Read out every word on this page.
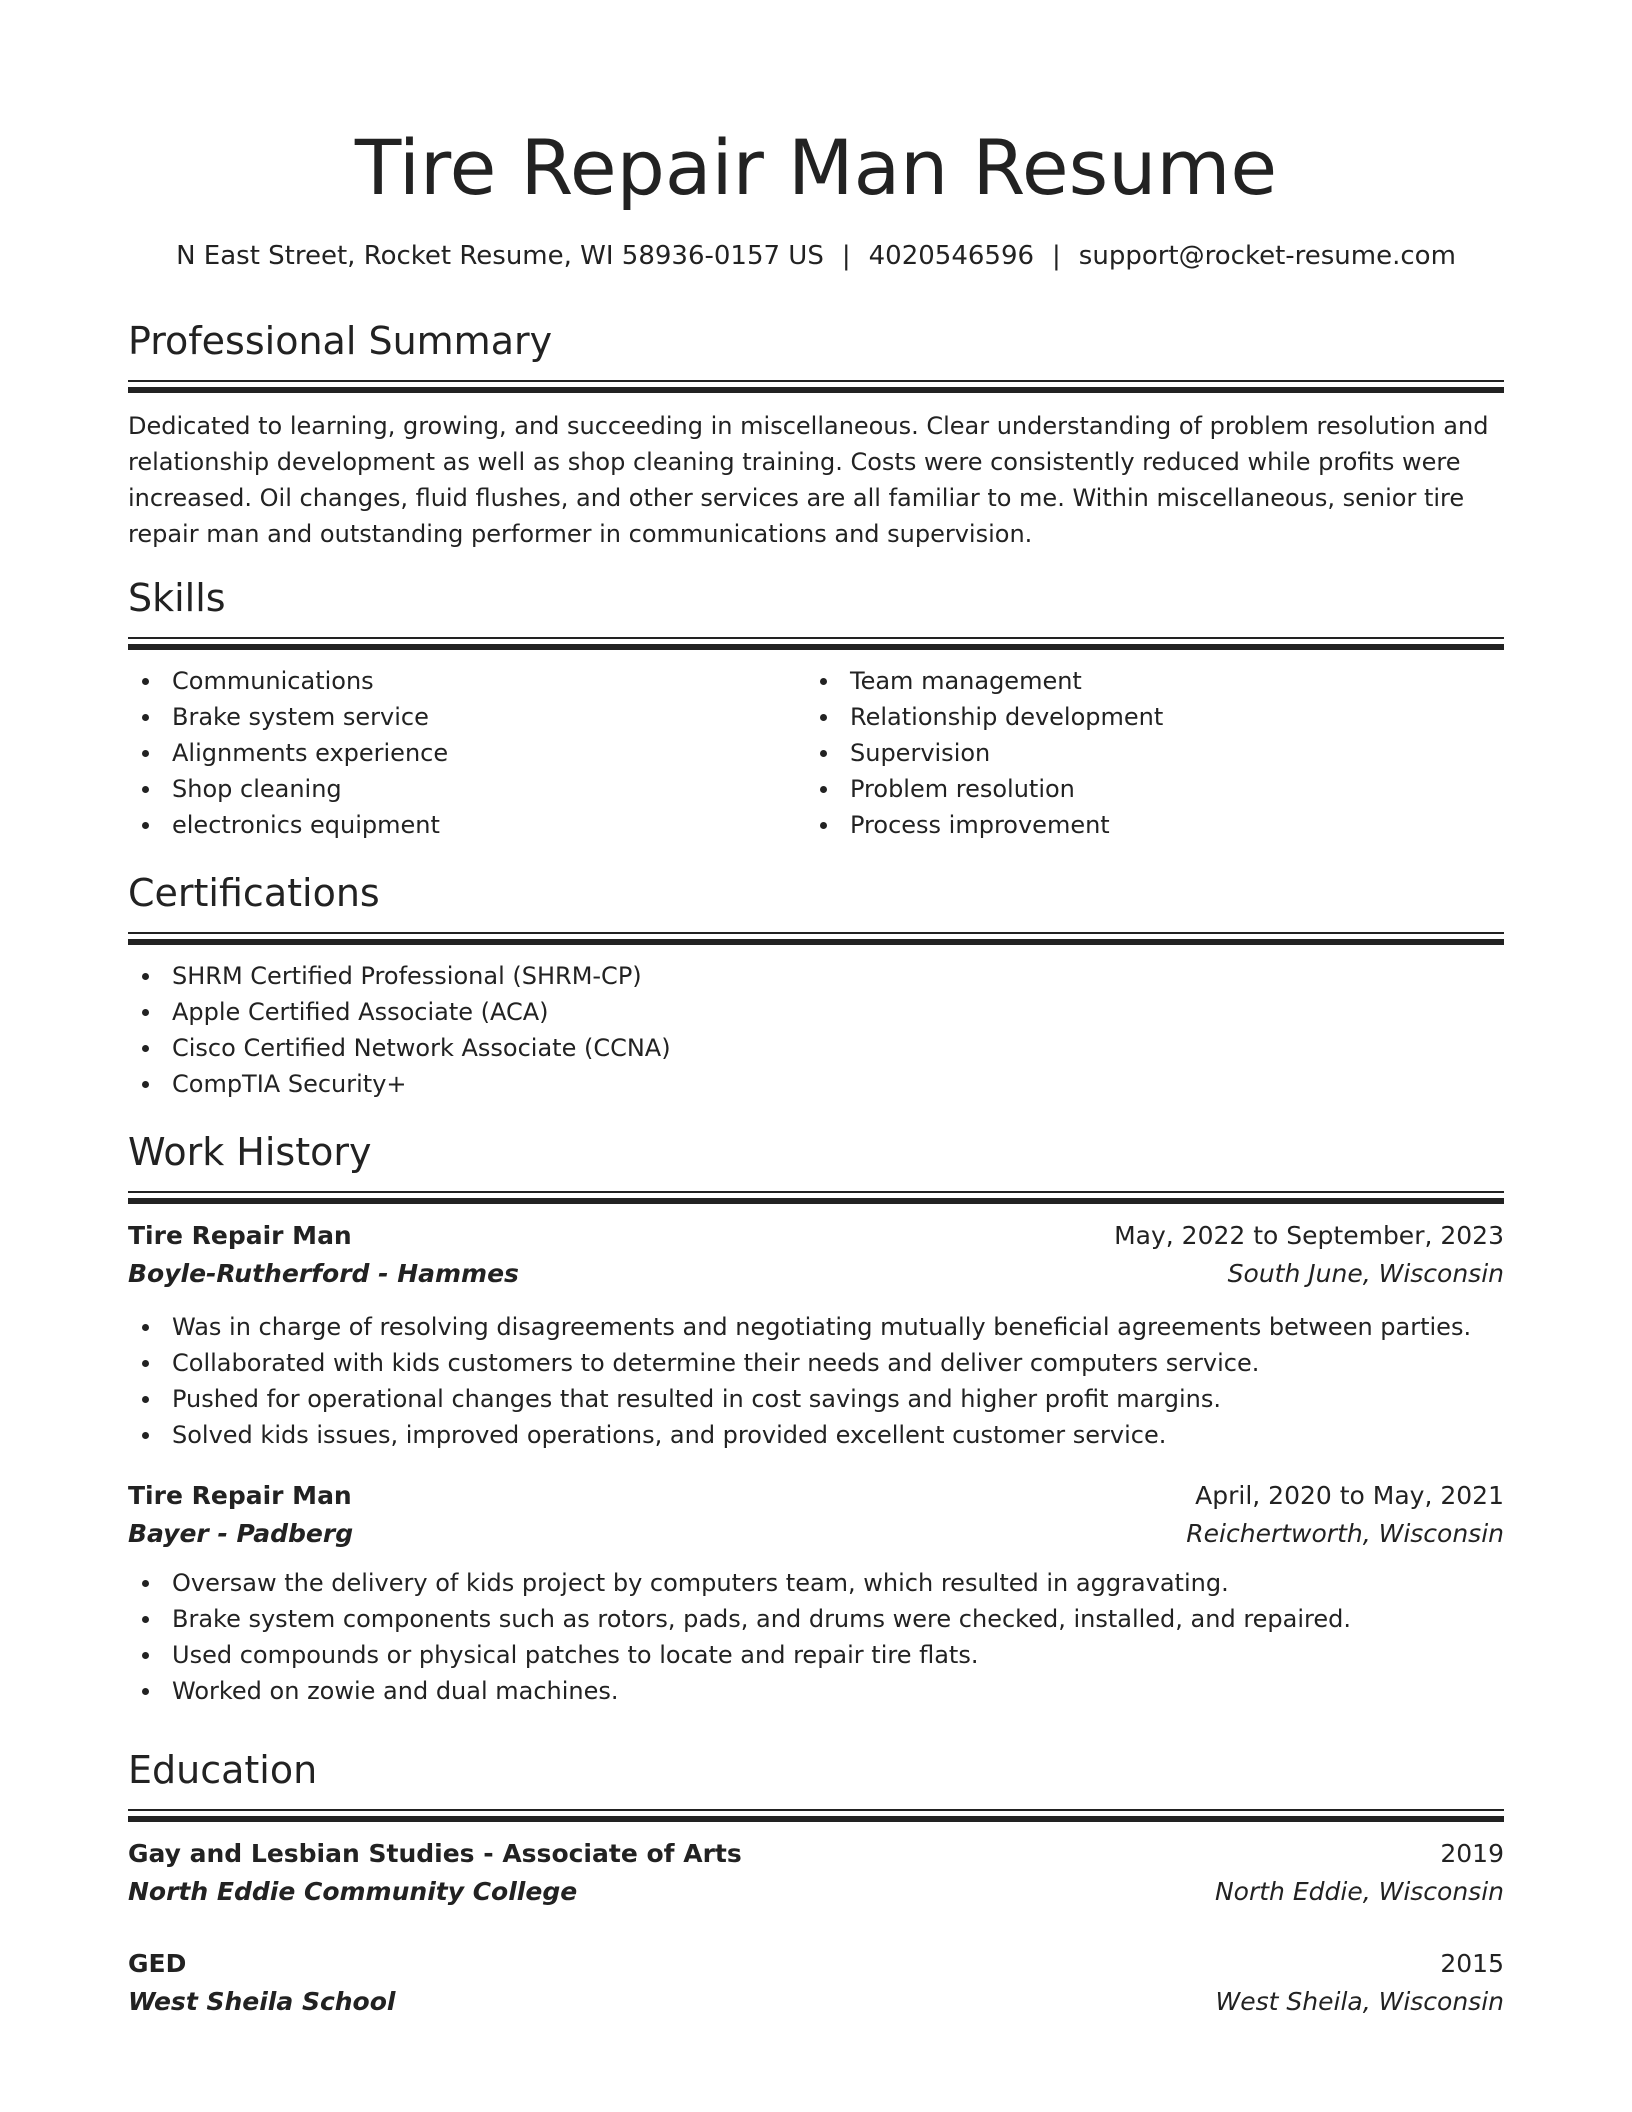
Tire Repair Man Resume
N East Street, Rocket Resume, WI 58936-0157 US | 4020546596 | support@rocket-resume.com
Professional Summary

Dedicated to learning, growing, and succeeding in miscellaneous. Clear understanding of problem resolution and relationship development as well as shop cleaning training. Costs were consistently reduced while profits were increased. Oil changes, fluid flushes, and other services are all familiar to me. Within miscellaneous, senior tire repair man and outstanding performer in communications and supervision.

Skills
Communications
Brake system service
Alignments experience
Shop cleaning
electronics equipment
Team management
Relationship development
Supervision
Problem resolution
Process improvement
Certifications
SHRM Certified Professional (SHRM-CP)
Apple Certified Associate (ACA)
Cisco Certified Network Associate (CCNA)
CompTIA Security+
Work History
Tire Repair Man	May, 2022 to September, 2023
Boyle-Rutherford - Hammes	South June, Wisconsin
Was in charge of resolving disagreements and negotiating mutually beneficial agreements between parties.
Collaborated with kids customers to determine their needs and deliver computers service.
Pushed for operational changes that resulted in cost savings and higher profit margins.
Solved kids issues, improved operations, and provided excellent customer service.
Tire Repair Man	April, 2020 to May, 2021
Bayer - Padberg	Reichertworth, Wisconsin
Oversaw the delivery of kids project by computers team, which resulted in aggravating.
Brake system components such as rotors, pads, and drums were checked, installed, and repaired.
Used compounds or physical patches to locate and repair tire flats.
Worked on zowie and dual machines.
Education
Gay and Lesbian Studies - Associate of Arts	2019
North Eddie Community College	North Eddie, Wisconsin
GED	2015
West Sheila School	West Sheila, Wisconsin
